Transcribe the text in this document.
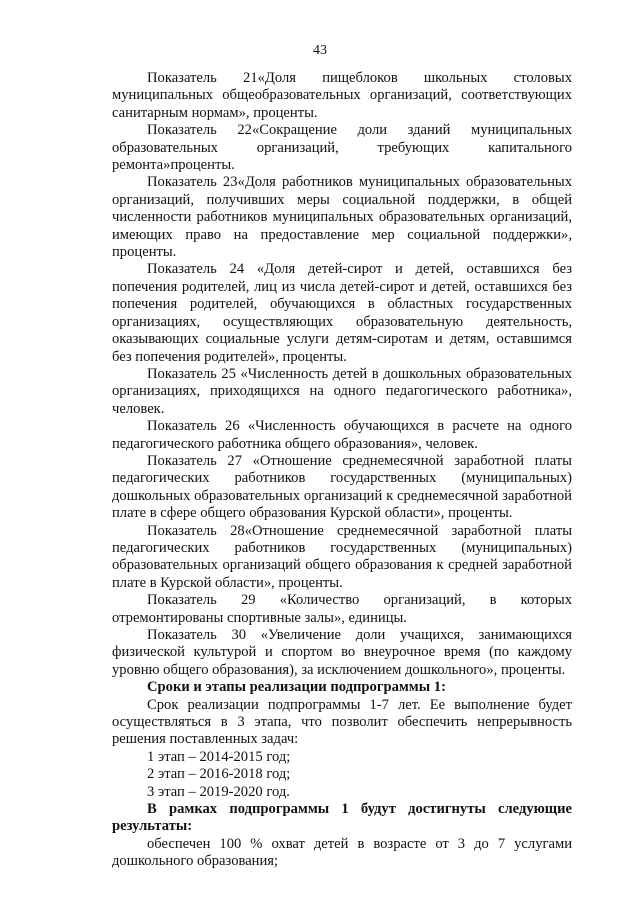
43

Показатель 21«Доля пищеблоков школьных столовых муниципальных общеобразовательных организаций, соответствующих санитарным нормам», проценты.

Показатель 22«Сокращение доли зданий муниципальных образовательных организаций, требующих капитального ремонта»проценты.

Показатель 23«Доля работников муниципальных образовательных организаций, получивших меры социальной поддержки, в общей численности работников муниципальных образовательных организаций, имеющих право на предоставление мер социальной поддержки», проценты.

Показатель 24 «Доля детей-сирот и детей, оставшихся без попечения родителей, лиц из числа детей-сирот и детей, оставшихся без попечения родителей, обучающихся в областных государственных организациях, осуществляющих образовательную деятельность, оказывающих социальные услуги детям-сиротам и детям, оставшимся без попечения родителей», проценты.

Показатель 25 «Численность детей в дошкольных образовательных организациях, приходящихся на одного педагогического работника», человек.

Показатель 26 «Численность обучающихся в расчете на одного педагогического работника общего образования», человек.

Показатель 27 «Отношение среднемесячной заработной платы педагогических работников государственных (муниципальных) дошкольных образовательных организаций к среднемесячной заработной плате в сфере общего образования Курской области», проценты.

Показатель 28«Отношение среднемесячной заработной платы педагогических работников государственных (муниципальных) образовательных организаций общего образования к средней заработной плате в Курской области», проценты.

Показатель 29 «Количество организаций, в которых отремонтированы спортивные залы», единицы.

Показатель 30 «Увеличение доли учащихся, занимающихся физической культурой и спортом во внеурочное время (по каждому уровню общего образования), за исключением дошкольного», проценты.

Сроки и этапы реализации подпрограммы 1:

Срок реализации подпрограммы 1-7 лет. Ее выполнение будет осуществляться в 3 этапа, что позволит обеспечить непрерывность решения поставленных задач:

1 этап – 2014-2015 год;

2 этап – 2016-2018 год;

3 этап – 2019-2020 год.

В рамках подпрограммы 1 будут достигнуты следующие результаты:

обеспечен 100 % охват детей в возрасте от 3 до 7 услугами дошкольного образования;
